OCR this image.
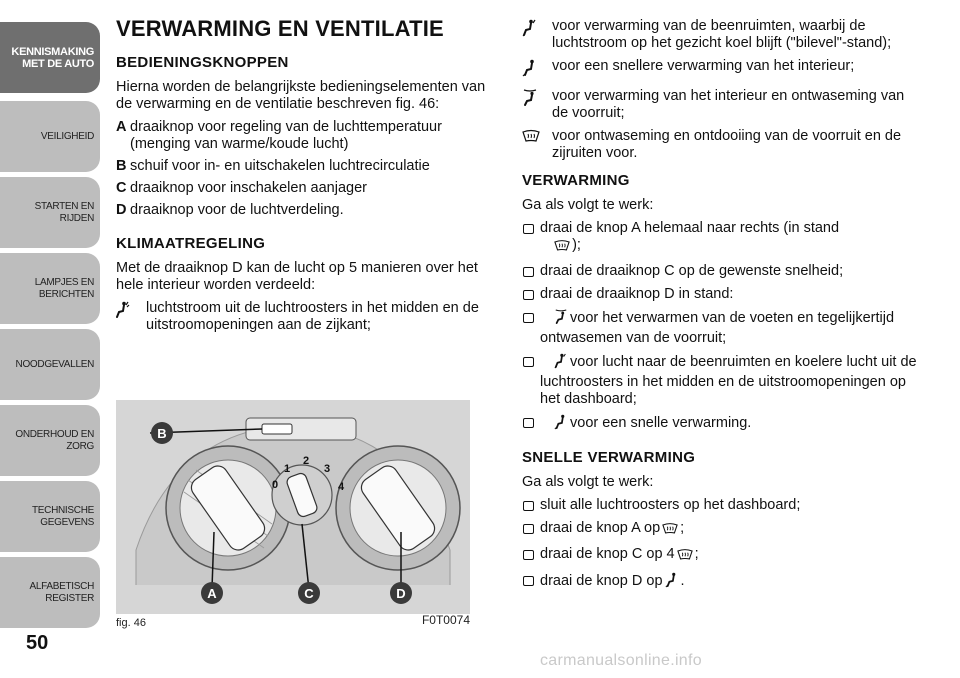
KENNISMAKING MET DE AUTO
VEILIGHEID
STARTEN EN RIJDEN
LAMPJES EN BERICHTEN
NOODGEVALLEN
ONDERHOUD EN ZORG
TECHNISCHE GEGEVENS
ALFABETISCH REGISTER
50
VERWARMING EN VENTILATIE
BEDIENINGSKNOPPEN

Hierna worden de belangrijkste bedieningselementen van de verwarming en de ventilatie beschreven fig. 46:

A draaiknop voor regeling van de luchttemperatuur (menging van warme/koude lucht)
B schuif voor in- en uitschakelen luchtrecirculatie
C draaiknop voor inschakelen aanjager
D draaiknop voor de luchtverdeling.
KLIMAATREGELING

Met de draaiknop D kan de lucht op 5 manieren over het hele interieur worden verdeeld:

luchtstroom uit de luchtroosters in het midden en de uitstroomopeningen aan de zijkant;
0
1
2
3
4
B
A	C	D
fig. 46	F0T0074
voor verwarming van de beenruimten, waarbij de luchtstroom op het gezicht koel blijft ("bilevel"-stand);
voor een snellere verwarming van het interieur;
voor verwarming van het interieur en ontwaseming van de voorruit;
voor ontwaseming en ontdooiing van de voorruit en de zijruiten voor.
VERWARMING

Ga als volgt te werk:

draai de knop A helemaal naar rechts (in stand
);
draai de draaiknop C op de gewenste snelheid;
draai de draaiknop D in stand:
voor het verwarmen van de voeten en tegelijkertijd ontwasemen van de voorruit;
voor lucht naar de beenruimten en koelere lucht uit de luchtroosters in het midden en de uitstroomopeningen op het dashboard;
voor een snelle verwarming.
SNELLE VERWARMING

Ga als volgt te werk:

sluit alle luchtroosters op het dashboard;
draai de knop A op ;
draai de knop C op 4 ;
draai de knop D op .
carmanualsonline.info
